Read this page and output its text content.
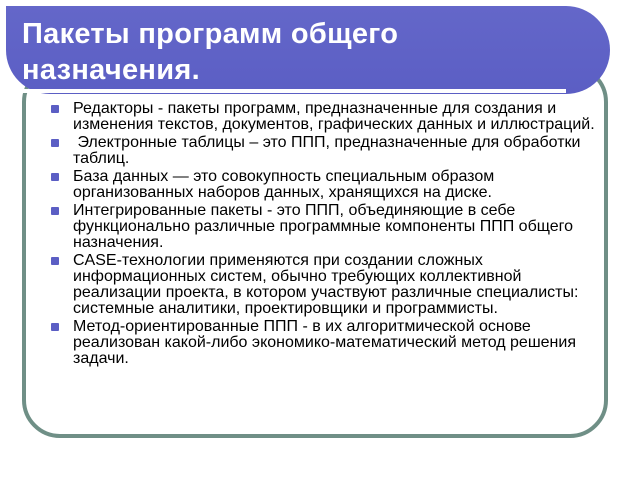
Пакеты программ общего назначения.
Редакторы - пакеты программ, предназначенные для создания и изменения текстов, документов, графических данных и иллюстраций.
Электронные таблицы – это ППП, предназначенные для обработки таблиц.
База данных — это совокупность специальным образом организованных наборов данных, хранящихся на диске.
Интегрированные пакеты - это ППП, объединяющие в себе функционально различные программные компоненты ППП общего назначения.
CASE-технологии применяются при создании сложных информационных систем, обычно требующих коллективной реализации проекта, в котором участвуют различные специалисты: системные аналитики, проектировщики и программисты.
Метод-ориентированные ППП - в их алгоритмической основе реализован какой-либо экономико-математический метод решения задачи.
